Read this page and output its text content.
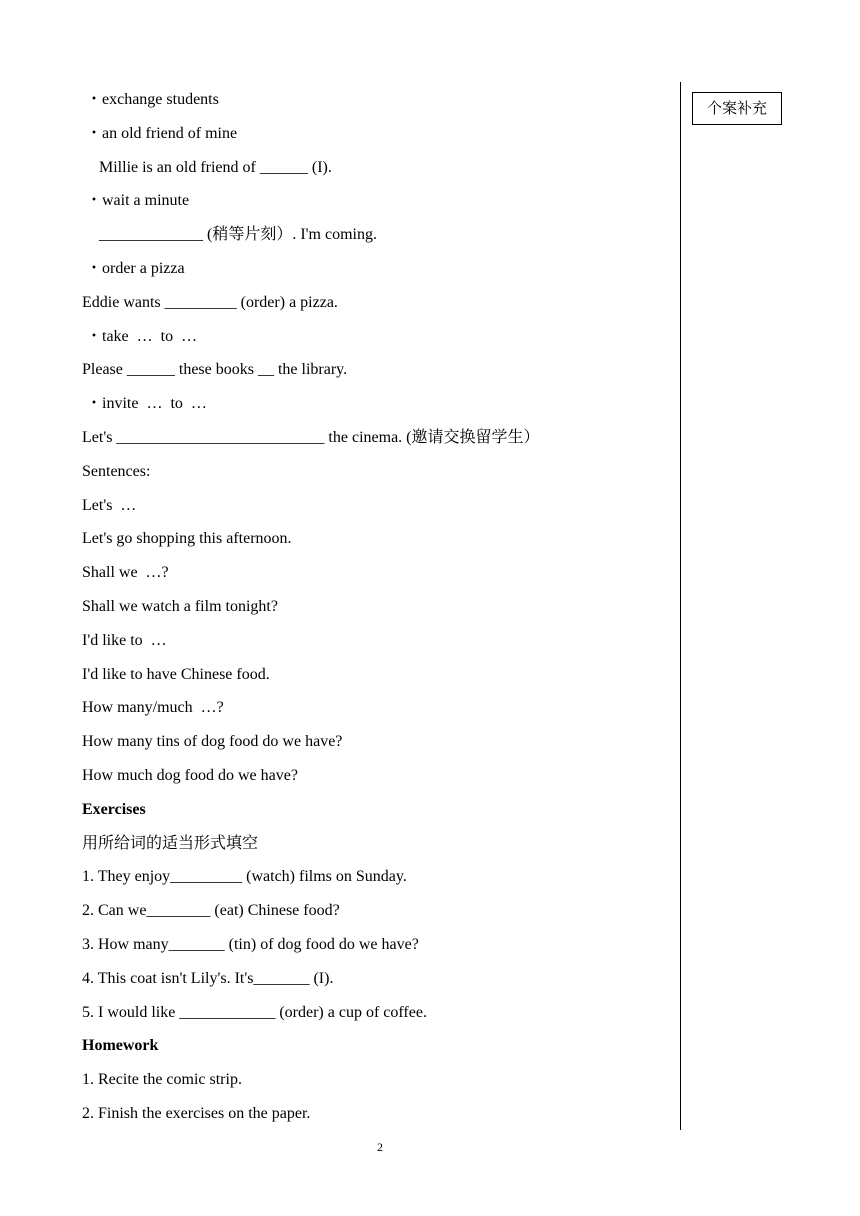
・exchange students
・an old friend of mine
Millie is an old friend of ______ (I).
・wait a minute
_____________ (稍等片刻）. I'm coming.
・order a pizza
Eddie wants _________ (order) a pizza.
・take  …  to  …
Please ______ these books __ the library.
・invite  …  to  …
Let's __________________________ the cinema. (邀请交换留学生）
Sentences:
Let's  …
Let's go shopping this afternoon.
Shall we  …?
Shall we watch a film tonight?
I'd like to  …
I'd like to have Chinese food.
How many/much  …?
How many tins of dog food do we have?
How much dog food do we have?
Exercises
用所给词的适当形式填空
1. They enjoy_________ (watch) films on Sunday.
2. Can we________ (eat) Chinese food?
3. How many_______ (tin) of dog food do we have?
4. This coat isn't Lily's. It's_______ (I).
5. I would like ____________ (order) a cup of coffee.
Homework
1. Recite the comic strip.
2. Finish the exercises on the paper.
个案补充
2
